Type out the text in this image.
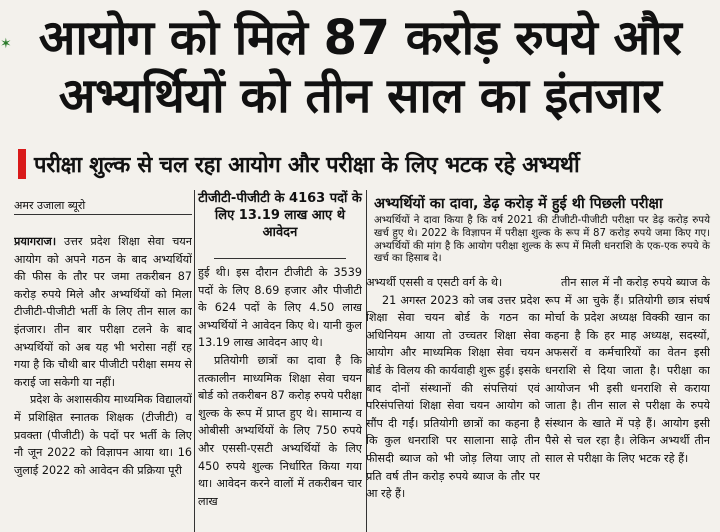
✶ आयोग को मिले 87 करोड़ रुपये और
अभ्यर्थियों को तीन साल का इंतजार
परीक्षा शुल्क से चल रहा आयोग और परीक्षा के लिए भटक रहे अभ्यर्थी
अमर उजाला ब्यूरो

प्रयागराज। उत्तर प्रदेश शिक्षा सेवा चयन आयोग को अपने गठन के बाद अभ्यर्थियों की फीस के तौर पर जमा तकरीबन 87 करोड़ रुपये मिले और अभ्यर्थियों को मिला टीजीटी-पीजीटी भर्ती के लिए तीन साल का इंतजार। तीन बार परीक्षा टलने के बाद अभ्यर्थियों को अब यह भी भरोसा नहीं रह गया है कि चौथी बार पीजीटी परीक्षा समय से कराई जा सकेगी या नहीं।

प्रदेश के अशासकीय माध्यमिक विद्यालयों में प्रशिक्षित स्नातक शिक्षक (टीजीटी) व प्रवक्ता (पीजीटी) के पदों पर भर्ती के लिए नौ जून 2022 को विज्ञापन आया था। 16 जुलाई 2022 को आवेदन की प्रक्रिया पूरी

टीजीटी-पीजीटी के 4163 पदों के लिए 13.19 लाख आए थे आवेदन

हुई थी। इस दौरान टीजीटी के 3539 पदों के लिए 8.69 हजार और पीजीटी के 624 पदों के लिए 4.50 लाख अभ्यर्थियों ने आवेदन किए थे। यानी कुल 13.19 लाख आवेदन आए थे।

प्रतियोगी छात्रों का दावा है कि तत्कालीन माध्यमिक शिक्षा सेवा चयन बोर्ड को तकरीबन 87 करोड़ रुपये परीक्षा शुल्क के रूप में प्राप्त हुए थे। सामान्य व ओबीसी अभ्यर्थियों के लिए 750 रुपये और एससी-एसटी अभ्यर्थियों के लिए 450 रुपये शुल्क निर्धारित किया गया था। आवेदन करने वालों में तकरीबन चार लाख

अभ्यर्थियों का दावा, डेढ़ करोड़ में हुई थी पिछली परीक्षा
अभ्यर्थियों ने दावा किया है कि वर्ष 2021 की टीजीटी-पीजीटी परीक्षा पर डेढ़ करोड़ रुपये खर्च हुए थे। 2022 के विज्ञापन में परीक्षा शुल्क के रूप में 87 करोड़ रुपये जमा किए गए। अभ्यर्थियों की मांग है कि आयोग परीक्षा शुल्क के रूप में मिली धनराशि के एक-एक रुपये के खर्च का हिसाब दे।

अभ्यर्थी एससी व एसटी वर्ग के थे।

21 अगस्त 2023 को जब उत्तर प्रदेश शिक्षा सेवा चयन बोर्ड के गठन का अधिनियम आया तो उच्चतर शिक्षा सेवा आयोग और माध्यमिक शिक्षा सेवा चयन बोर्ड के विलय की कार्यवाही शुरू हुई। इसके बाद दोनों संस्थानों की संपत्तियां एवं परिसंपत्तियां शिक्षा सेवा चयन आयोग को सौंप दी गईं। प्रतियोगी छात्रों का कहना है कि कुल धनराशि पर सालाना साढ़े तीन फीसदी ब्याज को भी जोड़ लिया जाए तो प्रति वर्ष तीन करोड़ रुपये ब्याज के तौर पर आ रहे हैं।

तीन साल में नौ करोड़ रुपये ब्याज के रूप में आ चुके हैं। प्रतियोगी छात्र संघर्ष मोर्चा के प्रदेश अध्यक्ष विक्की खान का कहना है कि हर माह अध्यक्ष, सदस्यों, अफसरों व कर्मचारियों का वेतन इसी धनराशि से दिया जाता है। परीक्षा का आयोजन भी इसी धनराशि से कराया जाता है। तीन साल से परीक्षा के रुपये संस्थान के खाते में पड़े हैं। आयोग इसी पैसे से चल रहा है। लेकिन अभ्यर्थी तीन साल से परीक्षा के लिए भटक रहे हैं।
